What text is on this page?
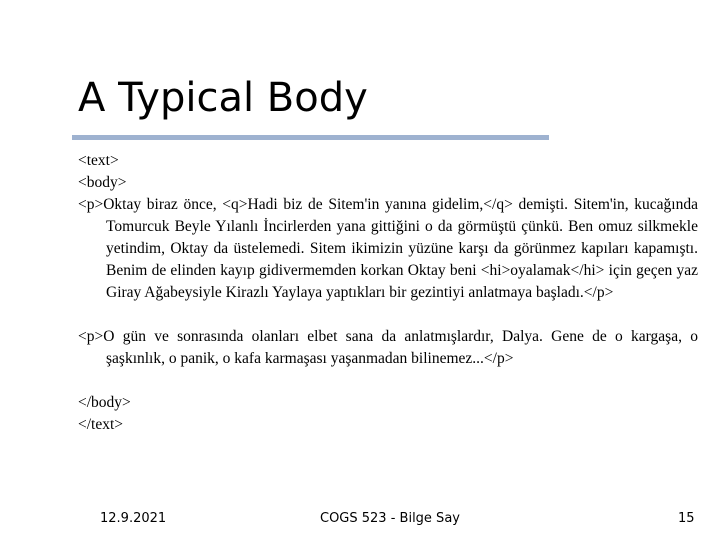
A Typical Body

<text>

<body>

<p>Oktay biraz önce, <q>Hadi biz de Sitem'in yanına gidelim,</q> demişti. Sitem'in, kucağında Tomurcuk Beyle Yılanlı İncirlerden yana gittiğini o da görmüştü çünkü. Ben omuz silkmekle yetindim, Oktay da üstelemedi. Sitem ikimizin yüzüne karşı da görünmez kapıları kapamıştı. Benim de elinden kayıp gidivermemden korkan Oktay beni <hi>oyalamak</hi> için geçen yaz Giray Ağabeysiyle Kirazlı Yaylaya yaptıkları bir gezintiyi anlatmaya başladı.</p>

<p>O gün ve sonrasında olanları elbet sana da anlatmışlardır, Dalya. Gene de o kargaşa, o şaşkınlık, o panik, o kafa karmaşası yaşanmadan bilinemez...</p>

</body>

</text>

12.9.2021	COGS 523 - Bilge Say	15
